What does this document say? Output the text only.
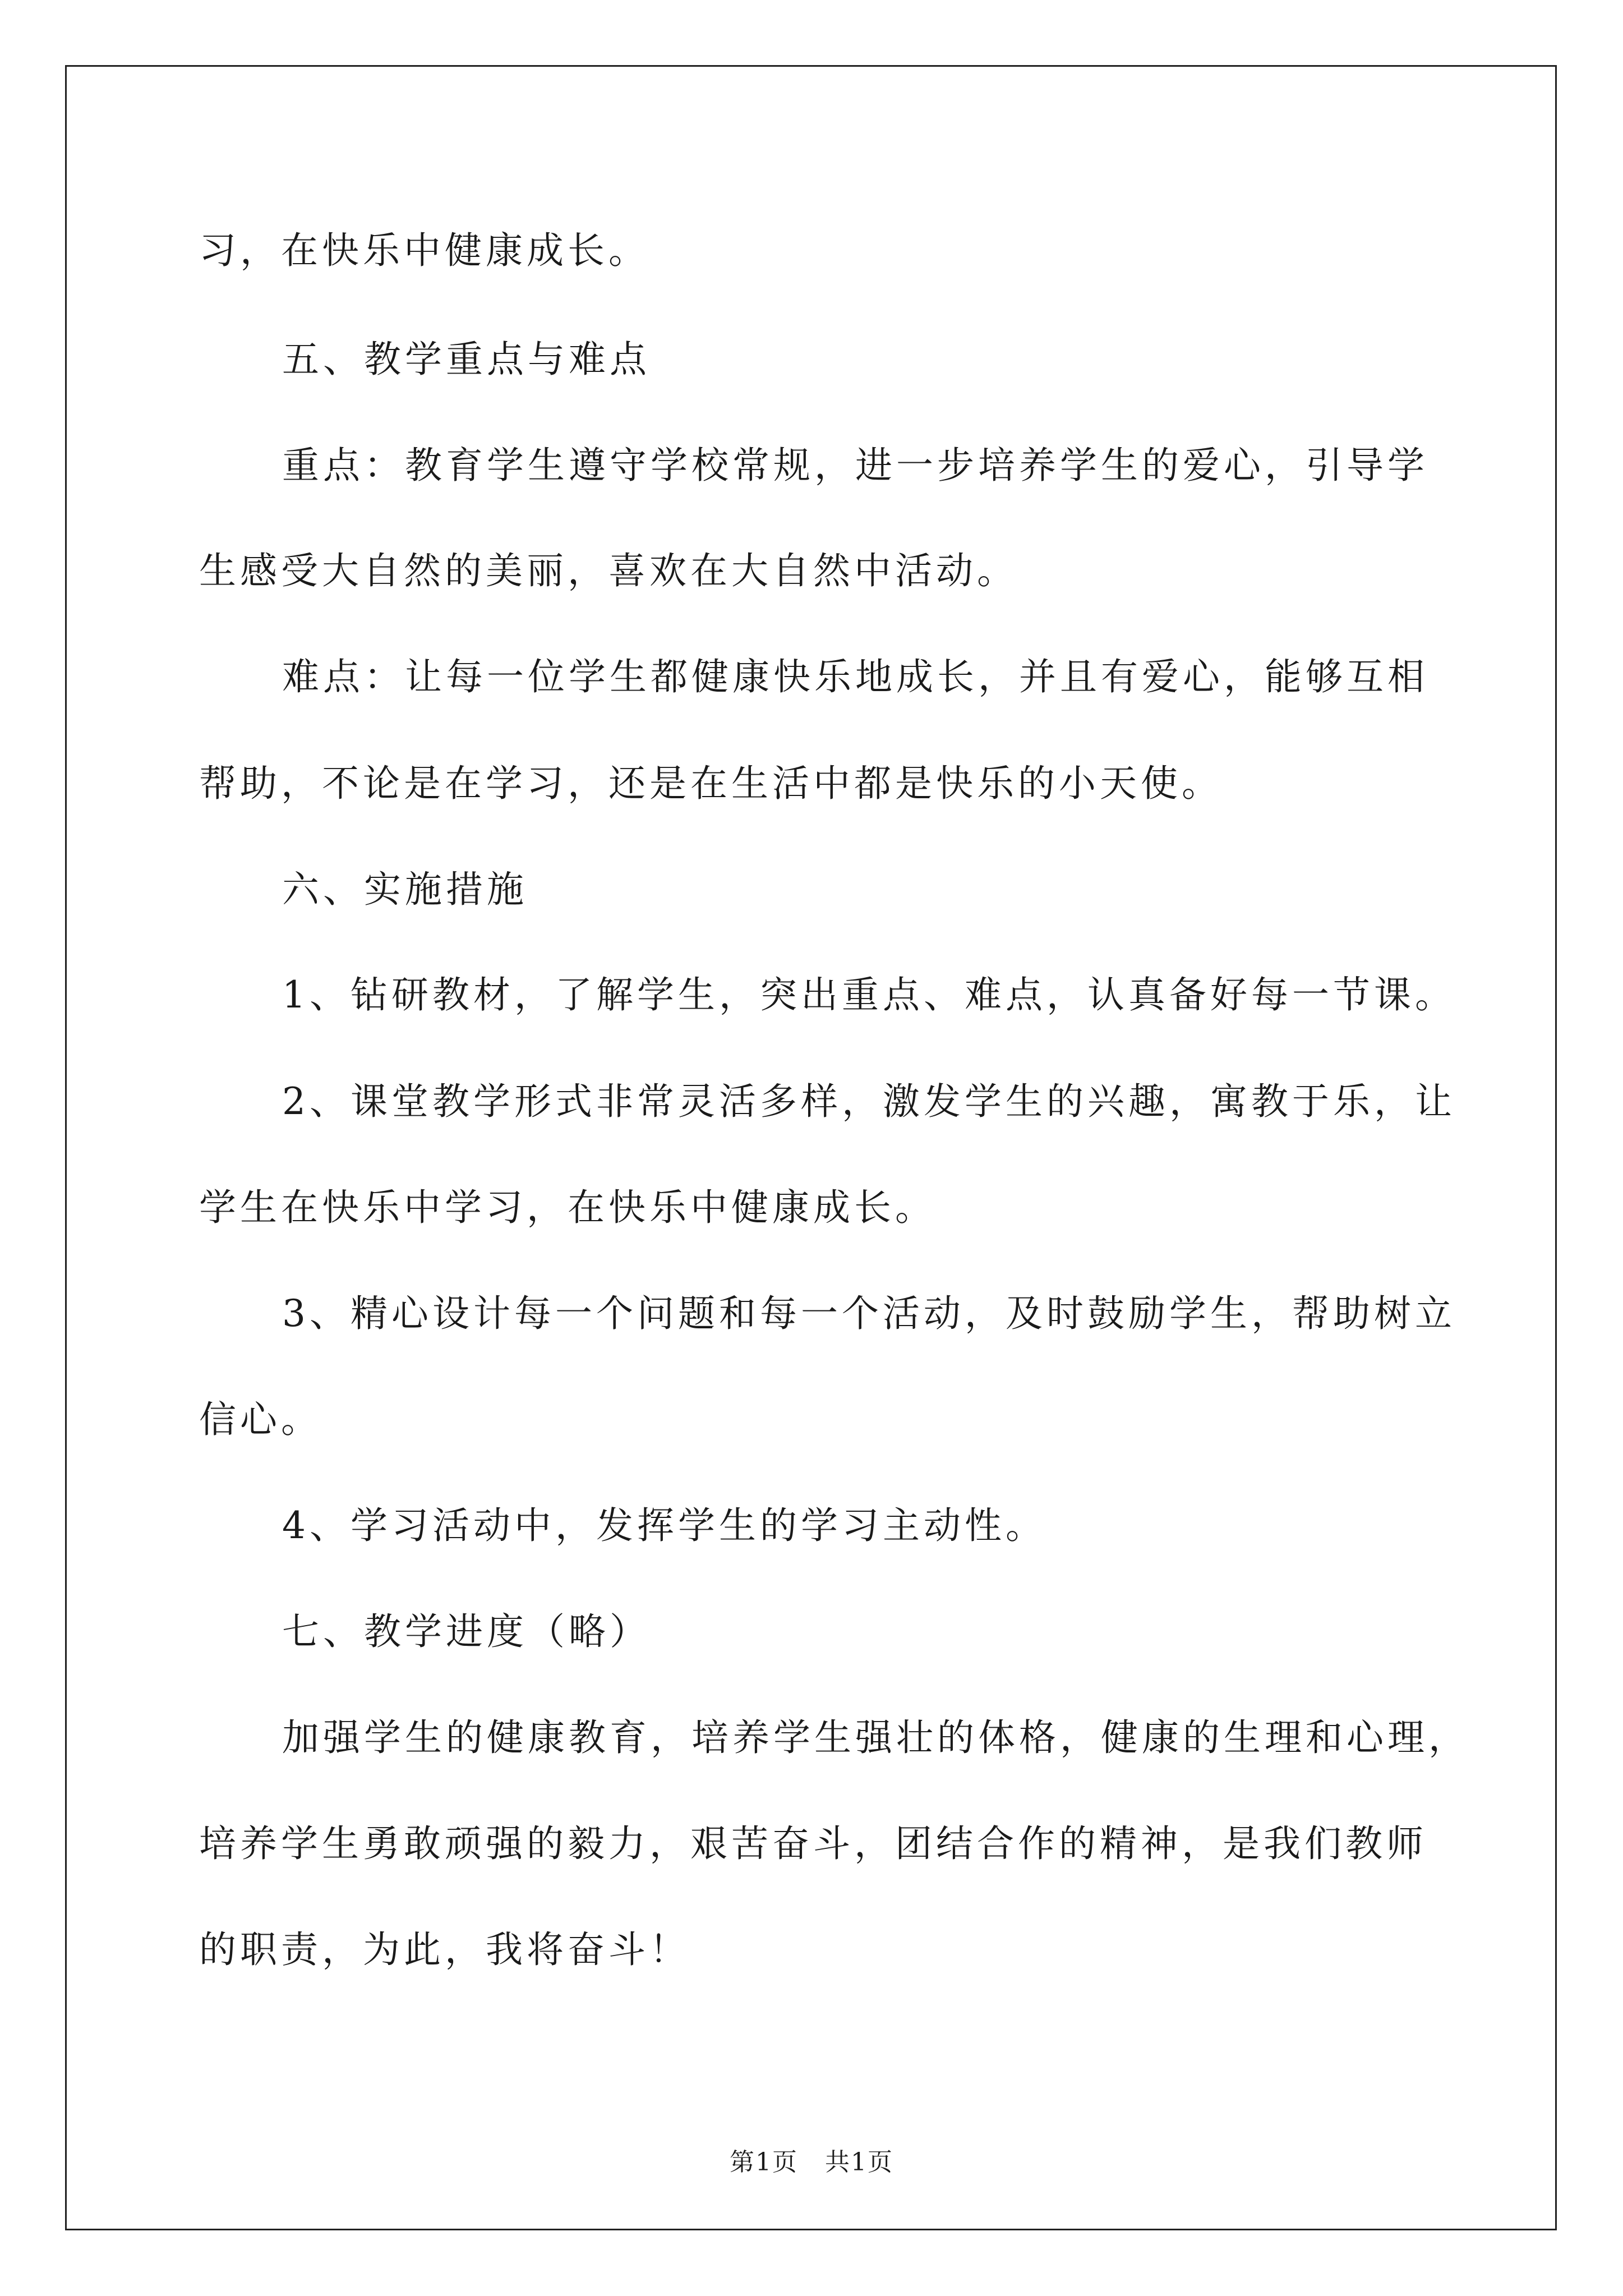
习，在快乐中健康成长。
五、教学重点与难点
重点：教育学生遵守学校常规，进一步培养学生的爱心，引导学
生感受大自然的美丽，喜欢在大自然中活动。
难点：让每一位学生都健康快乐地成长，并且有爱心，能够互相
帮助，不论是在学习，还是在生活中都是快乐的小天使。
六、实施措施
1、钻研教材，了解学生，突出重点、难点，认真备好每一节课。
2、课堂教学形式非常灵活多样，激发学生的兴趣，寓教于乐，让
学生在快乐中学习，在快乐中健康成长。
3、精心设计每一个问题和每一个活动，及时鼓励学生，帮助树立
信心。
4、学习活动中，发挥学生的学习主动性。
七、教学进度（略）
加强学生的健康教育，培养学生强壮的体格，健康的生理和心理，
培养学生勇敢顽强的毅力，艰苦奋斗，团结合作的精神，是我们教师
的职责，为此，我将奋斗！
第1页   共1页
